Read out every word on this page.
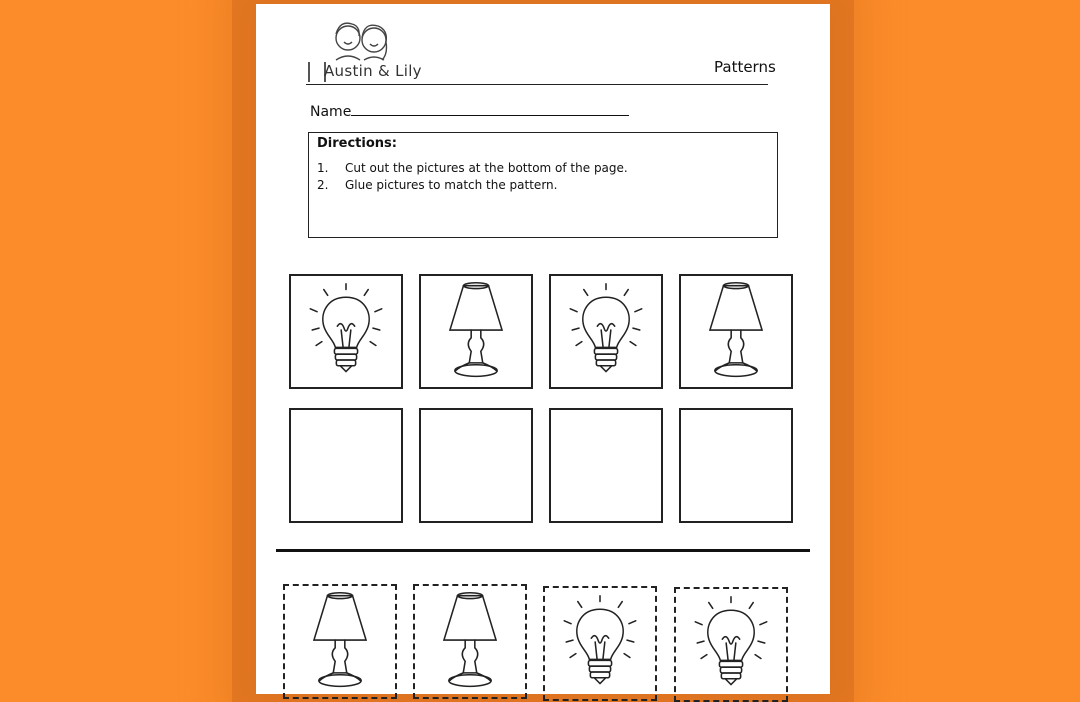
Austin & Lily	Patterns
Name
Directions:
1. Cut out the pictures at the bottom of the page.
2. Glue pictures to match the pattern.
